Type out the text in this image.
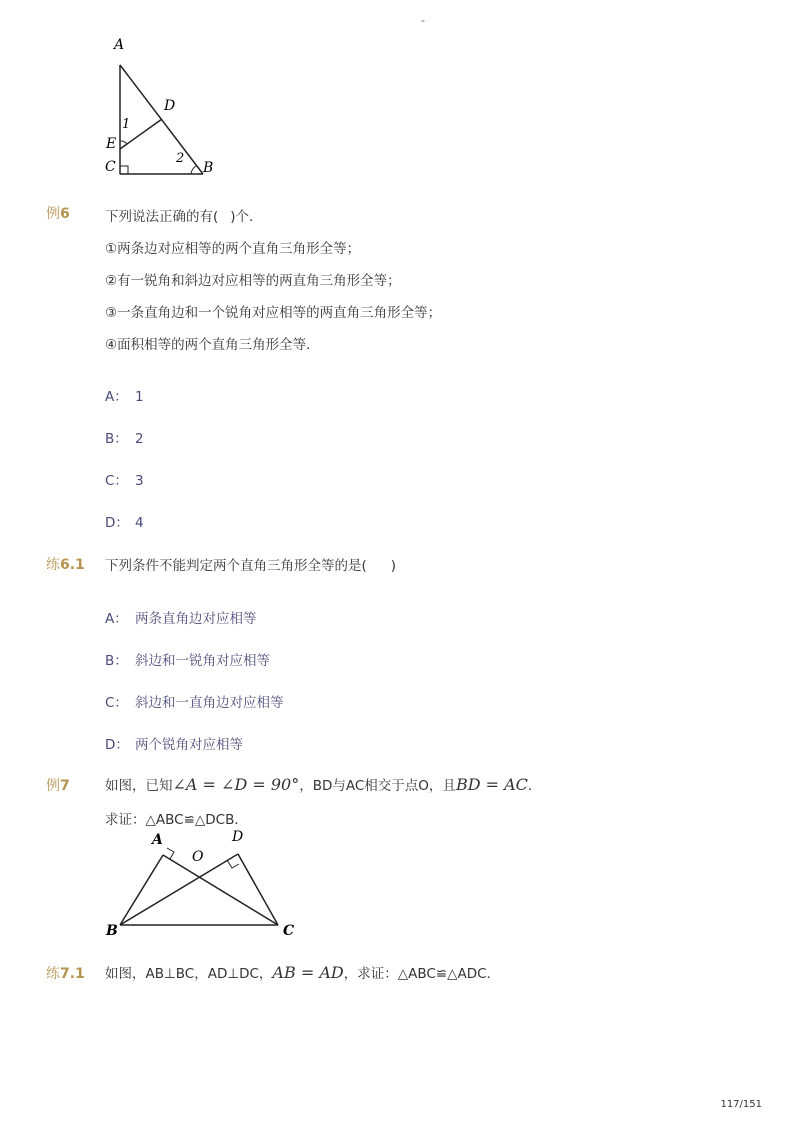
-
A
D
1
E
2
C	B
例6	下列说法正确的有( )个．
①两条边对应相等的两个直角三角形全等；
②有一锐角和斜边对应相等的两直角三角形全等；
③一条直角边和一个锐角对应相等的两直角三角形全等；
④面积相等的两个直角三角形全等．
A： 1
B： 2
C： 3
D： 4
练6.1 下列条件不能判定两个直角三角形全等的是( )
A： 两条直角边对应相等
B： 斜边和一锐角对应相等
C： 斜边和一直角边对应相等
D： 两个锐角对应相等
例7	如图，已知∠A = ∠D = 90°，BD与AC相交于点O，且BD = AC．
求证：△ABC≌△DCB．
A
O
D
B	C
练7.1 如图，AB⊥BC，AD⊥DC，AB = AD，求证：△ABC≌△ADC．
117/151
